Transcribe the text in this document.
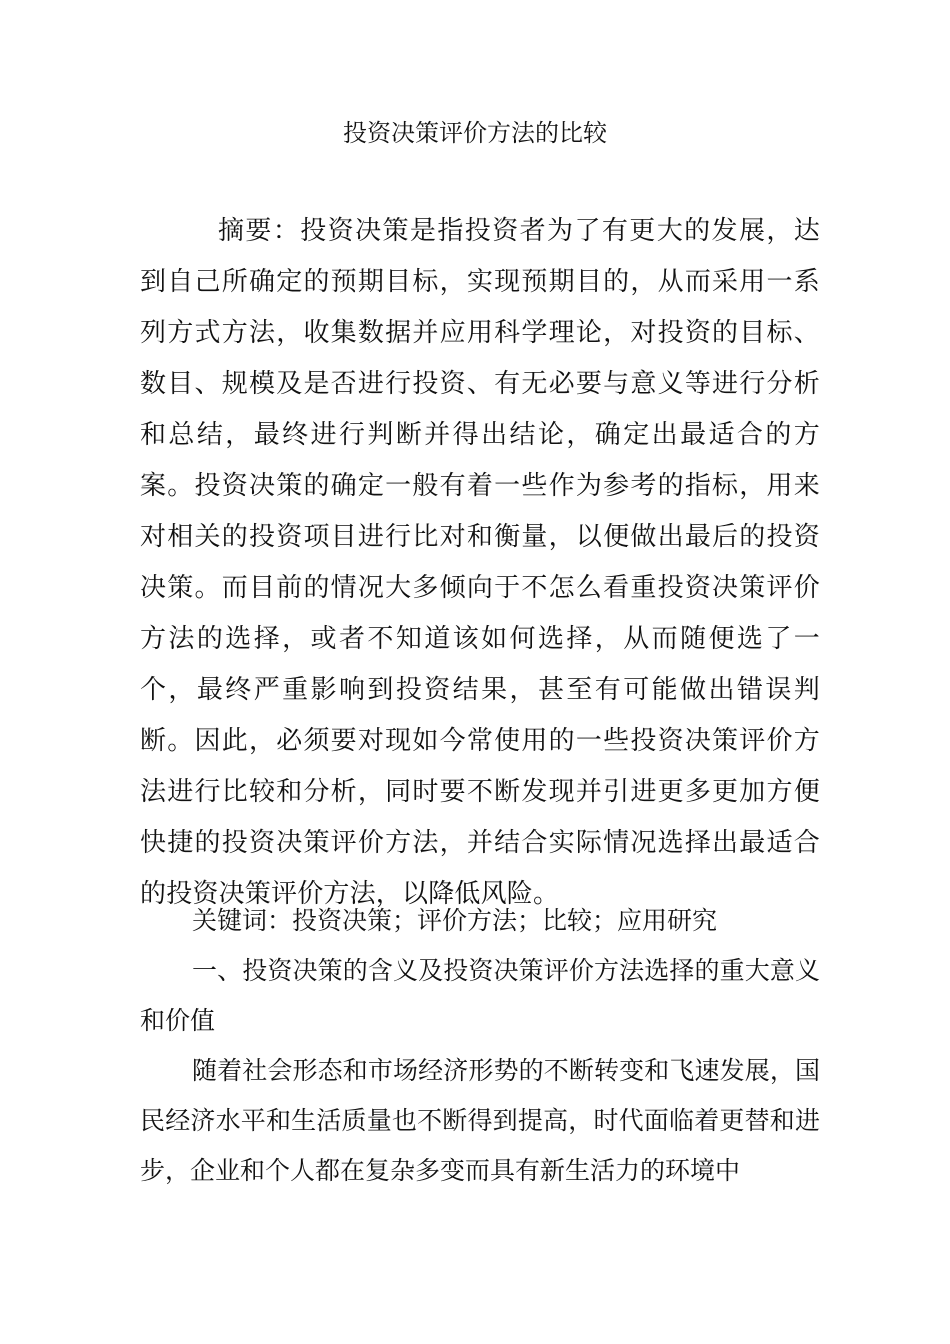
投资决策评价方法的比较
摘要：投资决策是指投资者为了有更大的发展，达到自己所确定的预期目标，实现预期目的，从而采用一系列方式方法，收集数据并应用科学理论，对投资的目标、数目、规模及是否进行投资、有无必要与意义等进行分析和总结，最终进行判断并得出结论，确定出最适合的方案。投资决策的确定一般有着一些作为参考的指标，用来对相关的投资项目进行比对和衡量，以便做出最后的投资决策。而目前的情况大多倾向于不怎么看重投资决策评价方法的选择，或者不知道该如何选择，从而随便选了一个，最终严重影响到投资结果，甚至有可能做出错误判断。因此，必须要对现如今常使用的一些投资决策评价方法进行比较和分析，同时要不断发现并引进更多更加方便快捷的投资决策评价方法，并结合实际情况选择出最适合的投资决策评价方法，以降低风险。

关键词：投资决策；评价方法；比较；应用研究

一、投资决策的含义及投资决策评价方法选择的重大意义和价值

随着社会形态和市场经济形势的不断转变和飞速发展，国民经济水平和生活质量也不断得到提高，时代面临着更替和进步，企业和个人都在复杂多变而具有新生活力的环境中
